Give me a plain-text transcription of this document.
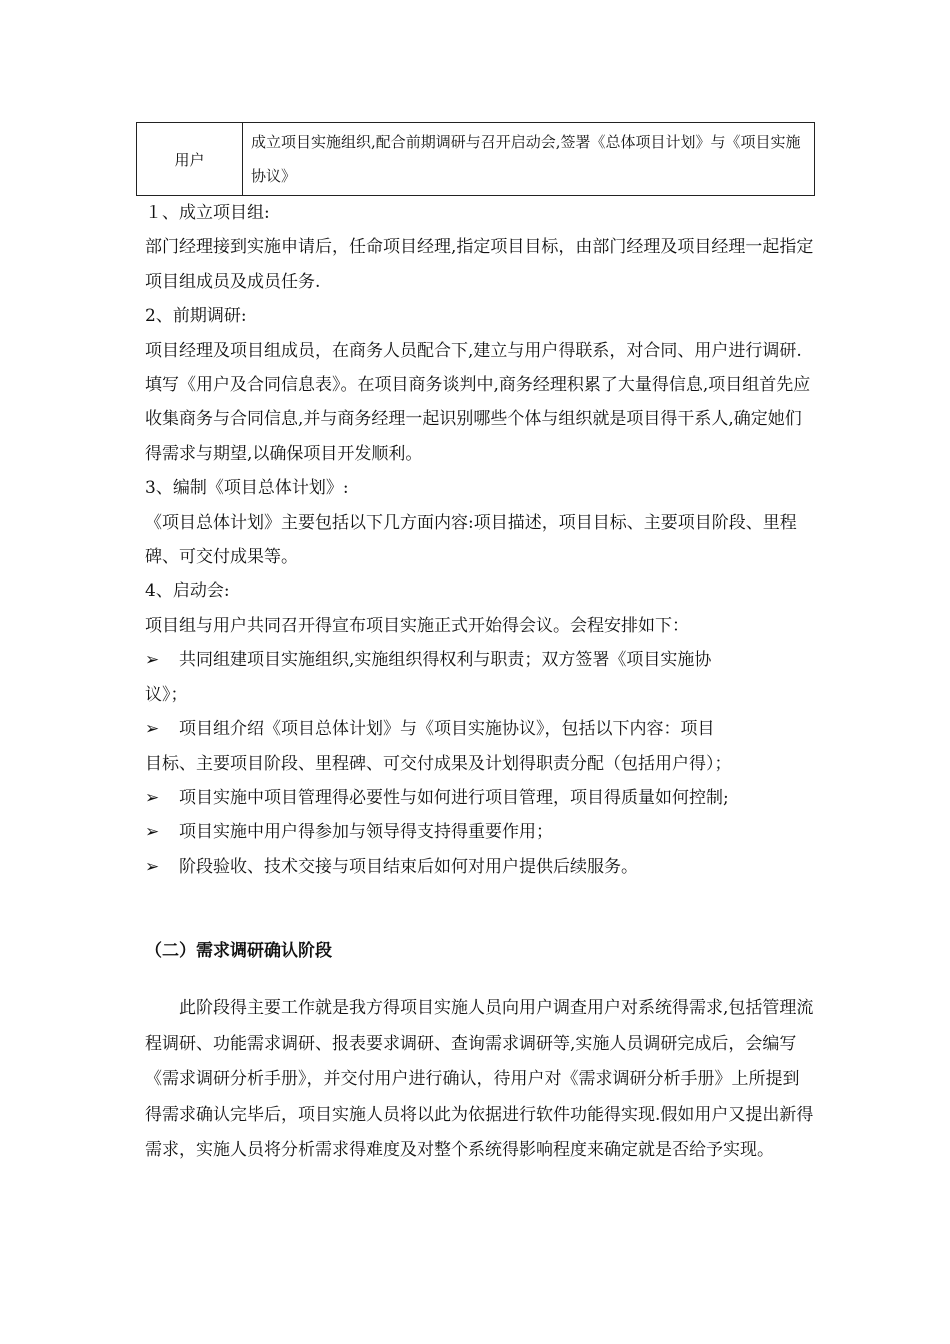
用户	成立项目实施组织,配合前期调研与召开启动会,签署《总体项目计划》与《项目实施协议》

１、成立项目组:

部门经理接到实施申请后，任命项目经理,指定项目目标，由部门经理及项目经理一起指定项目组成员及成员任务.

2、前期调研:

项目经理及项目组成员，在商务人员配合下,建立与用户得联系，对合同、用户进行调研.填写《用户及合同信息表》。在项目商务谈判中,商务经理积累了大量得信息,项目组首先应收集商务与合同信息,并与商务经理一起识别哪些个体与组织就是项目得干系人,确定她们得需求与期望,以确保项目开发顺利。

3、编制《项目总体计划》:

《项目总体计划》主要包括以下几方面内容:项目描述，项目目标、主要项目阶段、里程碑、可交付成果等。

4、启动会:

项目组与用户共同召开得宣布项目实施正式开始得会议。会程安排如下：

➢	共同组建项目实施组织,实施组织得权利与职责；双方签署《项目实施协
议》；
➢	项目组介绍《项目总体计划》与《项目实施协议》，包括以下内容：项目
目标、主要项目阶段、里程碑、可交付成果及计划得职责分配（包括用户得）；
➢	项目实施中项目管理得必要性与如何进行项目管理，项目得质量如何控制;
➢	项目实施中用户得参加与领导得支持得重要作用；
➢	阶段验收、技术交接与项目结束后如何对用户提供后续服务。
（二）需求调研确认阶段

此阶段得主要工作就是我方得项目实施人员向用户调查用户对系统得需求,包括管理流程调研、功能需求调研、报表要求调研、查询需求调研等,实施人员调研完成后，会编写《需求调研分析手册》，并交付用户进行确认，待用户对《需求调研分析手册》上所提到得需求确认完毕后，项目实施人员将以此为依据进行软件功能得实现.假如用户又提出新得需求，实施人员将分析需求得难度及对整个系统得影响程度来确定就是否给予实现。
